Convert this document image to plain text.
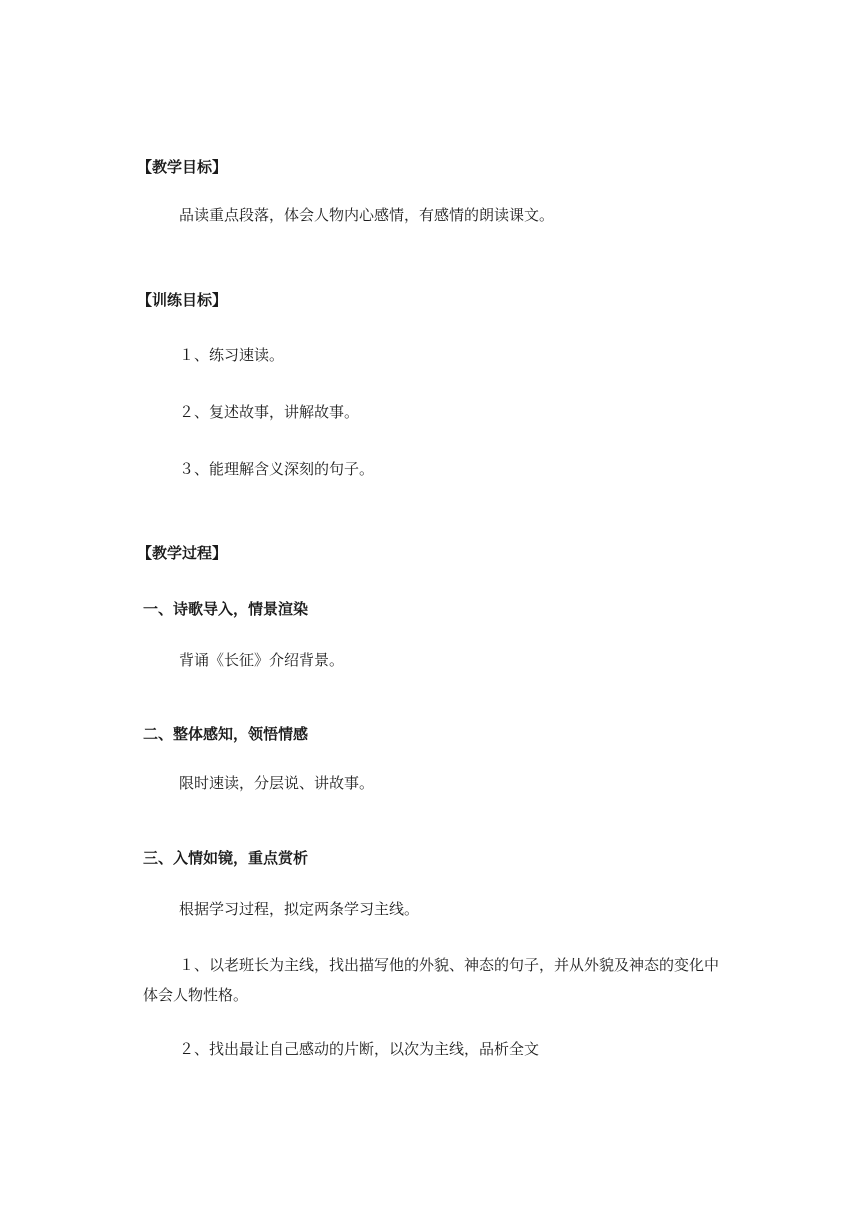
【教学目标】

品读重点段落，体会人物内心感情，有感情的朗读课文。

【训练目标】

１、练习速读。

２、复述故事，讲解故事。

３、能理解含义深刻的句子。

【教学过程】

一、诗歌导入，情景渲染

背诵《长征》介绍背景。

二、整体感知，领悟情感

限时速读，分层说、讲故事。

三、入情如镜，重点赏析

根据学习过程，拟定两条学习主线。

１、以老班长为主线，找出描写他的外貌、神态的句子，并从外貌及神态的变化中体会人物性格。

２、找出最让自己感动的片断，以次为主线，品析全文
